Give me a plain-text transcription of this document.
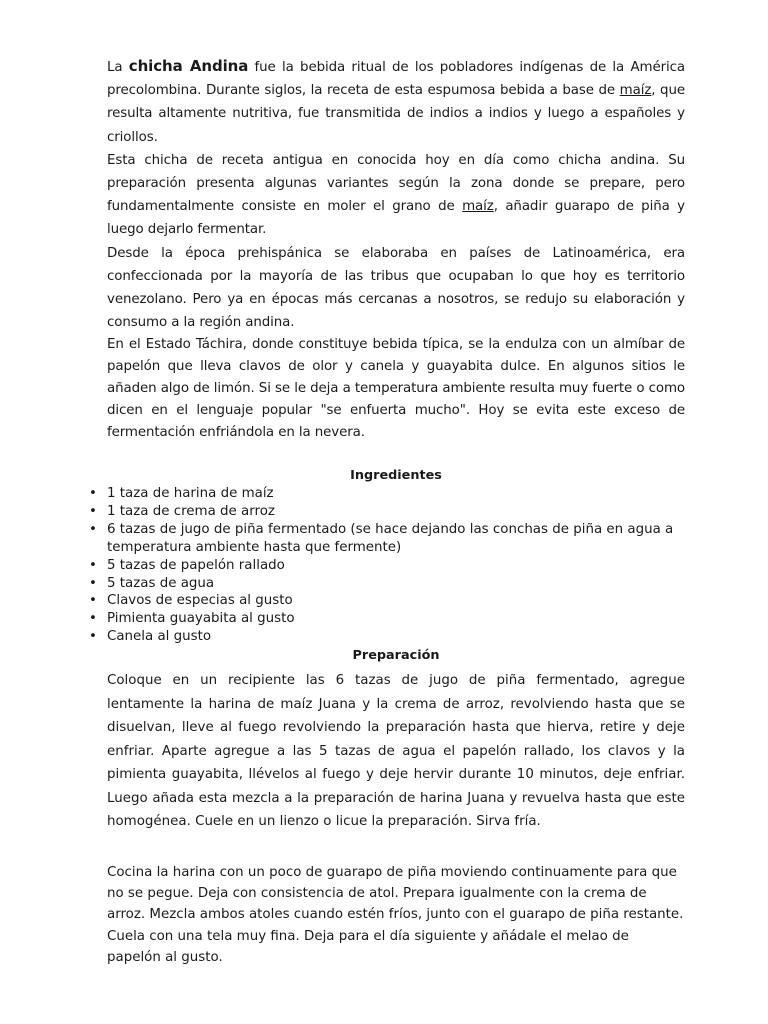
La chicha Andina fue la bebida ritual de los pobladores indígenas de la América precolombina. Durante siglos, la receta de esta espumosa bebida a base de maíz, que resulta altamente nutritiva, fue transmitida de indios a indios y luego a españoles y criollos.

Esta chicha de receta antigua en conocida hoy en día como chicha andina. Su preparación presenta algunas variantes según la zona donde se prepare, pero fundamentalmente consiste en moler el grano de maíz, añadir guarapo de piña y luego dejarlo fermentar.

Desde la época prehispánica se elaboraba en países de Latinoamérica, era confeccionada por la mayoría de las tribus que ocupaban lo que hoy es territorio venezolano. Pero ya en épocas más cercanas a nosotros, se redujo su elaboración y consumo a la región andina.

En el Estado Táchira, donde constituye bebida típica, se la endulza con un almíbar de papelón que lleva clavos de olor y canela y guayabita dulce. En algunos sitios le añaden algo de limón. Si se le deja a temperatura ambiente resulta muy fuerte o como dicen en el lenguaje popular "se enfuerta mucho". Hoy se evita este exceso de fermentación enfriándola en la nevera.

Ingredientes
• 1 taza de harina de maíz
• 1 taza de crema de arroz
• 6 tazas de jugo de piña fermentado (se hace dejando las conchas de piña en agua a temperatura ambiente hasta que fermente)
• 5 tazas de papelón rallado
• 5 tazas de agua
• Clavos de especias al gusto
• Pimienta guayabita al gusto
• Canela al gusto
Preparación

Coloque en un recipiente las 6 tazas de jugo de piña fermentado, agregue lentamente la harina de maíz Juana y la crema de arroz, revolviendo hasta que se disuelvan, lleve al fuego revolviendo la preparación hasta que hierva, retire y deje enfriar. Aparte agregue a las 5 tazas de agua el papelón rallado, los clavos y la pimienta guayabita, llévelos al fuego y deje hervir durante 10 minutos, deje enfriar. Luego añada esta mezcla a la preparación de harina Juana y revuelva hasta que este homogénea. Cuele en un lienzo o licue la preparación. Sirva fría.

Cocina la harina con un poco de guarapo de piña moviendo continuamente para que no se pegue. Deja con consistencia de atol. Prepara igualmente con la crema de arroz. Mezcla ambos atoles cuando estén fríos, junto con el guarapo de piña restante. Cuela con una tela muy fina. Deja para el día siguiente y añádale el melao de papelón al gusto.
